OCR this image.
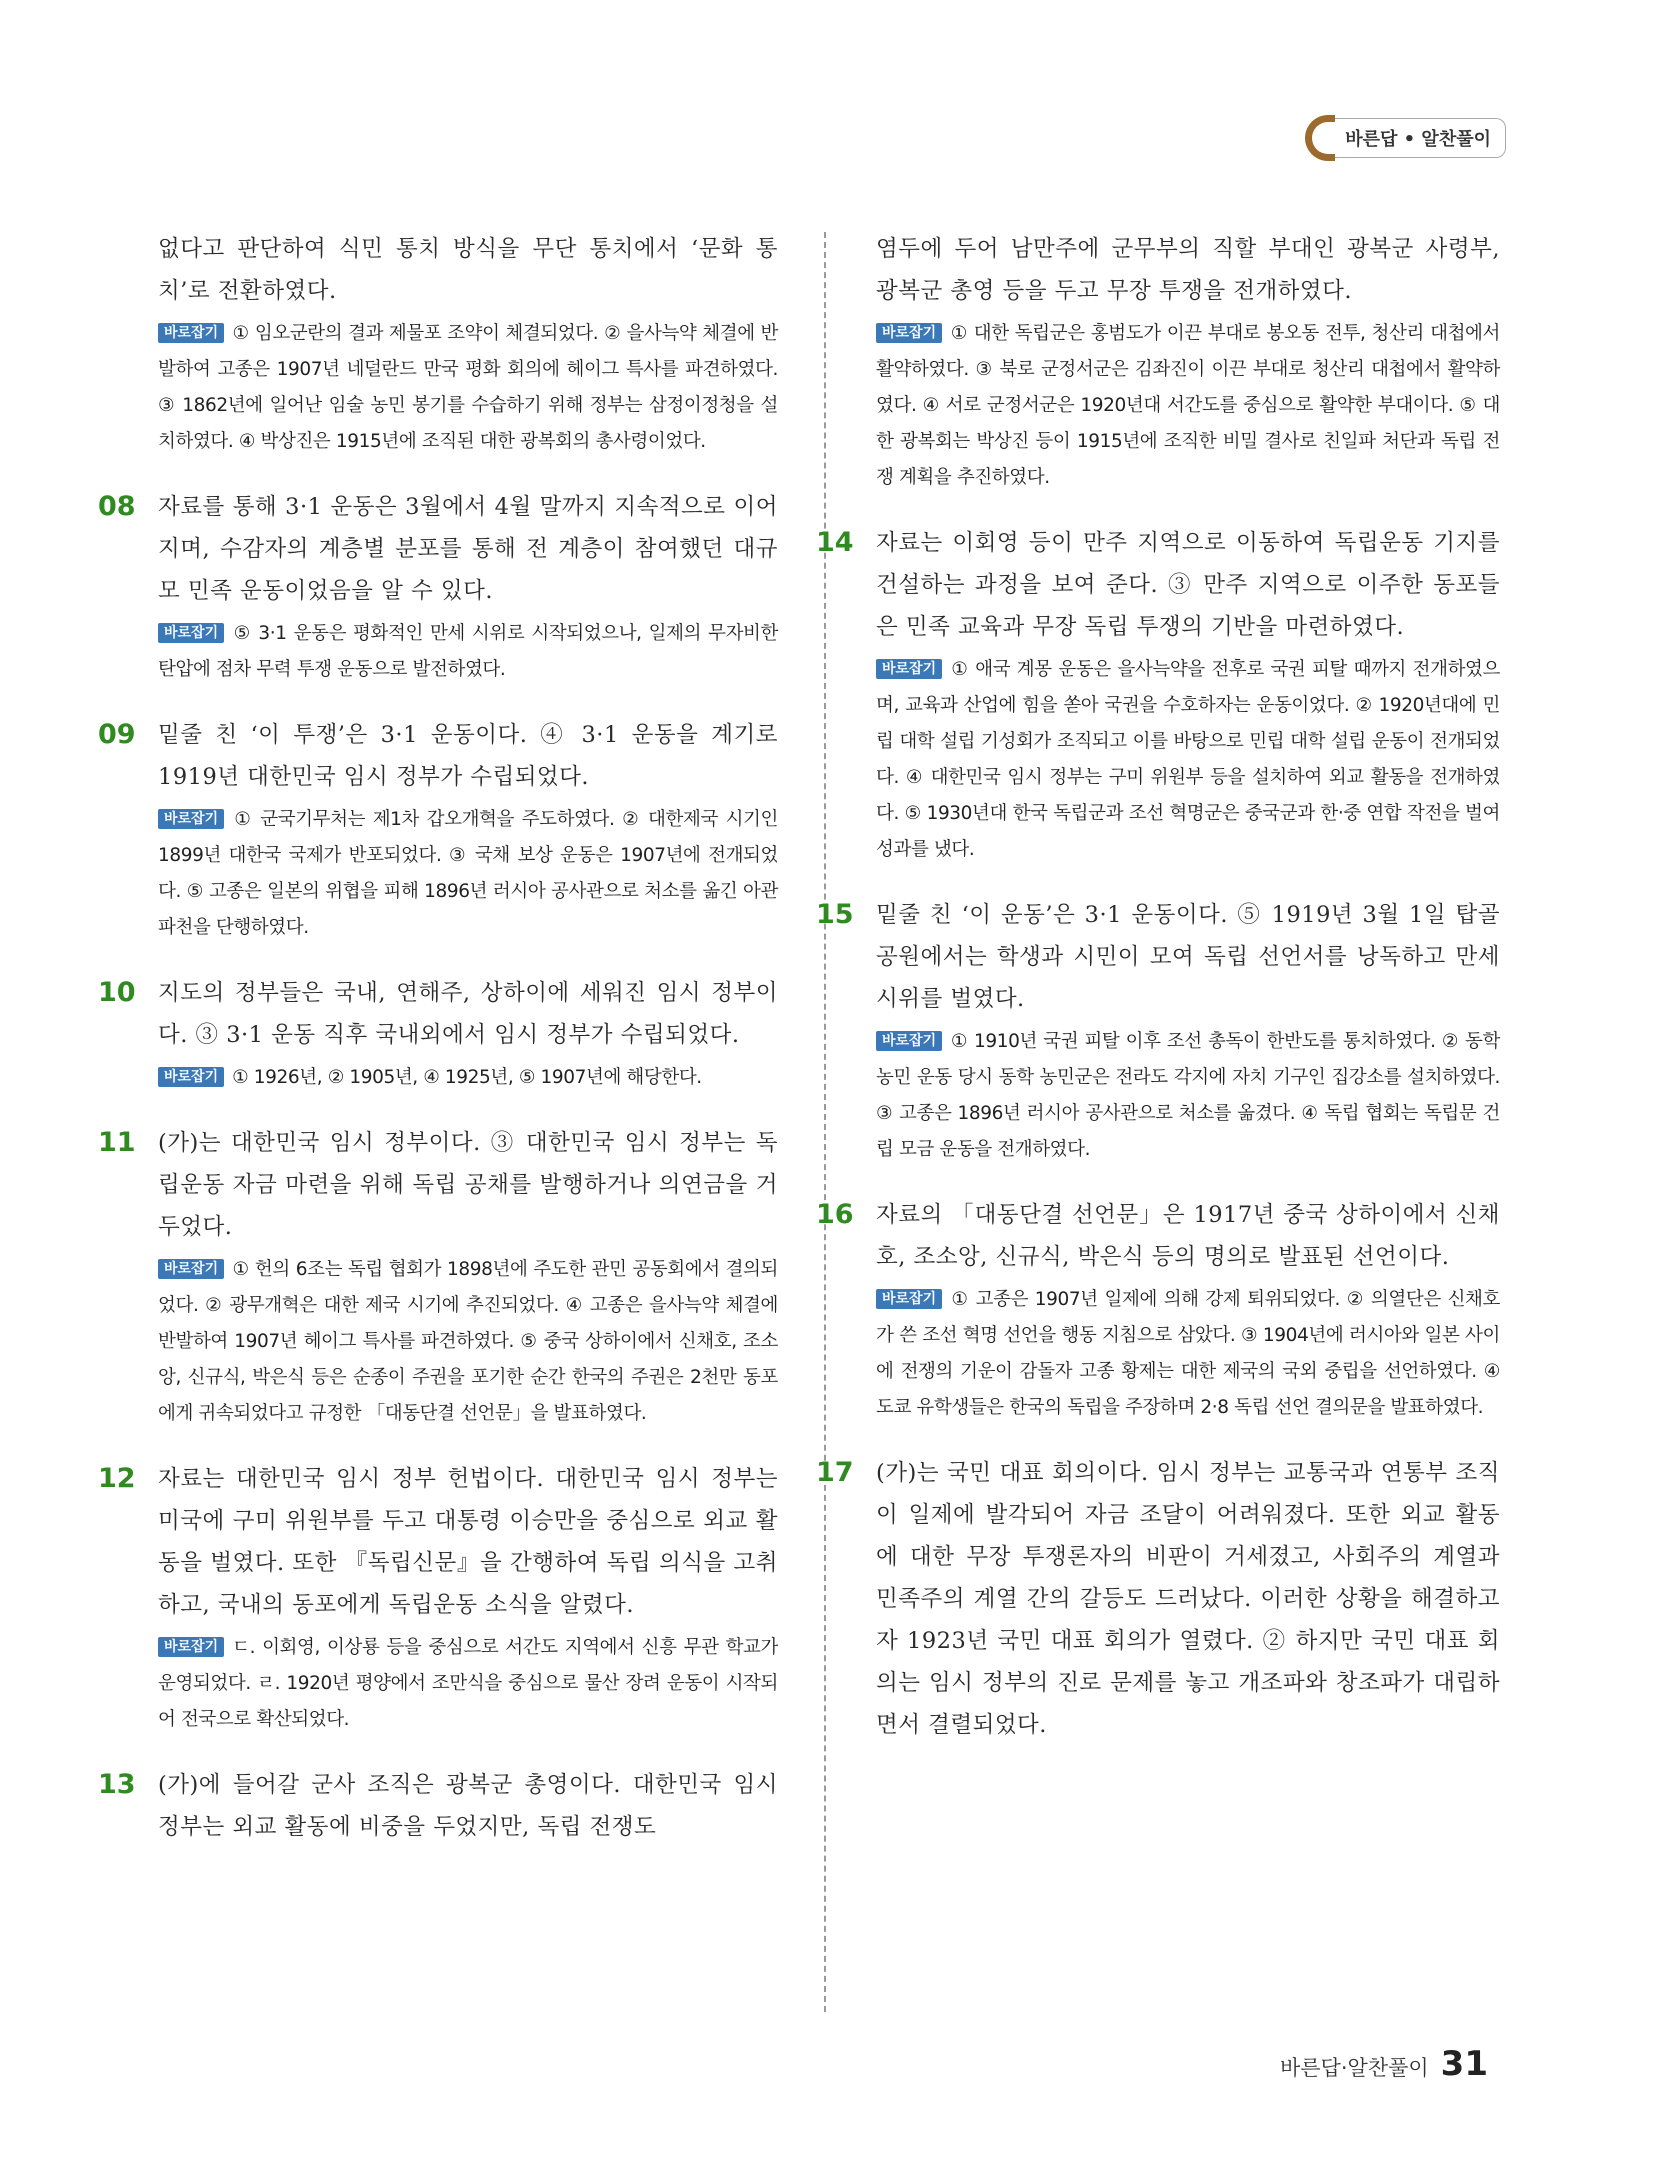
바른답 • 알찬풀이

없다고 판단하여 식민 통치 방식을 무단 통치에서 ‘문화 통치’로 전환하였다.

바로잡기 ① 임오군란의 결과 제물포 조약이 체결되었다. ② 을사늑약 체결에 반발하여 고종은 1907년 네덜란드 만국 평화 회의에 헤이그 특사를 파견하였다. ③ 1862년에 일어난 임술 농민 봉기를 수습하기 위해 정부는 삼정이정청을 설치하였다. ④ 박상진은 1915년에 조직된 대한 광복회의 총사령이었다.

08 자료를 통해 3·1 운동은 3월에서 4월 말까지 지속적으로 이어지며, 수감자의 계층별 분포를 통해 전 계층이 참여했던 대규모 민족 운동이었음을 알 수 있다.

바로잡기 ⑤ 3·1 운동은 평화적인 만세 시위로 시작되었으나, 일제의 무자비한 탄압에 점차 무력 투쟁 운동으로 발전하였다.

09 밑줄 친 ‘이 투쟁’은 3·1 운동이다. ④ 3·1 운동을 계기로 1919년 대한민국 임시 정부가 수립되었다.

바로잡기 ① 군국기무처는 제1차 갑오개혁을 주도하였다. ② 대한제국 시기인 1899년 대한국 국제가 반포되었다. ③ 국채 보상 운동은 1907년에 전개되었다. ⑤ 고종은 일본의 위협을 피해 1896년 러시아 공사관으로 처소를 옮긴 아관 파천을 단행하였다.

10 지도의 정부들은 국내, 연해주, 상하이에 세워진 임시 정부이다. ③ 3·1 운동 직후 국내외에서 임시 정부가 수립되었다.

바로잡기 ① 1926년, ② 1905년, ④ 1925년, ⑤ 1907년에 해당한다.

11 (가)는 대한민국 임시 정부이다. ③ 대한민국 임시 정부는 독립운동 자금 마련을 위해 독립 공채를 발행하거나 의연금을 거두었다.

바로잡기 ① 헌의 6조는 독립 협회가 1898년에 주도한 관민 공동회에서 결의되었다. ② 광무개혁은 대한 제국 시기에 추진되었다. ④ 고종은 을사늑약 체결에 반발하여 1907년 헤이그 특사를 파견하였다. ⑤ 중국 상하이에서 신채호, 조소앙, 신규식, 박은식 등은 순종이 주권을 포기한 순간 한국의 주권은 2천만 동포에게 귀속되었다고 규정한 「대동단결 선언문」을 발표하였다.

12 자료는 대한민국 임시 정부 헌법이다. 대한민국 임시 정부는 미국에 구미 위원부를 두고 대통령 이승만을 중심으로 외교 활동을 벌였다. 또한 『독립신문』을 간행하여 독립 의식을 고취하고, 국내의 동포에게 독립운동 소식을 알렸다.

바로잡기 ㄷ. 이회영, 이상룡 등을 중심으로 서간도 지역에서 신흥 무관 학교가 운영되었다. ㄹ. 1920년 평양에서 조만식을 중심으로 물산 장려 운동이 시작되어 전국으로 확산되었다.

13 (가)에 들어갈 군사 조직은 광복군 총영이다. 대한민국 임시 정부는 외교 활동에 비중을 두었지만, 독립 전쟁도

염두에 두어 남만주에 군무부의 직할 부대인 광복군 사령부, 광복군 총영 등을 두고 무장 투쟁을 전개하였다.

바로잡기 ① 대한 독립군은 홍범도가 이끈 부대로 봉오동 전투, 청산리 대첩에서 활약하였다. ③ 북로 군정서군은 김좌진이 이끈 부대로 청산리 대첩에서 활약하였다. ④ 서로 군정서군은 1920년대 서간도를 중심으로 활약한 부대이다. ⑤ 대한 광복회는 박상진 등이 1915년에 조직한 비밀 결사로 친일파 처단과 독립 전쟁 계획을 추진하였다.

14 자료는 이회영 등이 만주 지역으로 이동하여 독립운동 기지를 건설하는 과정을 보여 준다. ③ 만주 지역으로 이주한 동포들은 민족 교육과 무장 독립 투쟁의 기반을 마련하였다.

바로잡기 ① 애국 계몽 운동은 을사늑약을 전후로 국권 피탈 때까지 전개하였으며, 교육과 산업에 힘을 쏟아 국권을 수호하자는 운동이었다. ② 1920년대에 민립 대학 설립 기성회가 조직되고 이를 바탕으로 민립 대학 설립 운동이 전개되었다. ④ 대한민국 임시 정부는 구미 위원부 등을 설치하여 외교 활동을 전개하였다. ⑤ 1930년대 한국 독립군과 조선 혁명군은 중국군과 한·중 연합 작전을 벌여 성과를 냈다.

15 밑줄 친 ‘이 운동’은 3·1 운동이다. ⑤ 1919년 3월 1일 탑골 공원에서는 학생과 시민이 모여 독립 선언서를 낭독하고 만세 시위를 벌였다.

바로잡기 ① 1910년 국권 피탈 이후 조선 총독이 한반도를 통치하였다. ② 동학 농민 운동 당시 동학 농민군은 전라도 각지에 자치 기구인 집강소를 설치하였다. ③ 고종은 1896년 러시아 공사관으로 처소를 옮겼다. ④ 독립 협회는 독립문 건립 모금 운동을 전개하였다.

16 자료의 「대동단결 선언문」은 1917년 중국 상하이에서 신채호, 조소앙, 신규식, 박은식 등의 명의로 발표된 선언이다.

바로잡기 ① 고종은 1907년 일제에 의해 강제 퇴위되었다. ② 의열단은 신채호가 쓴 조선 혁명 선언을 행동 지침으로 삼았다. ③ 1904년에 러시아와 일본 사이에 전쟁의 기운이 감돌자 고종 황제는 대한 제국의 국외 중립을 선언하였다. ④ 도쿄 유학생들은 한국의 독립을 주장하며 2·8 독립 선언 결의문을 발표하였다.

17 (가)는 국민 대표 회의이다. 임시 정부는 교통국과 연통부 조직이 일제에 발각되어 자금 조달이 어려워졌다. 또한 외교 활동에 대한 무장 투쟁론자의 비판이 거세졌고, 사회주의 계열과 민족주의 계열 간의 갈등도 드러났다. 이러한 상황을 해결하고자 1923년 국민 대표 회의가 열렸다. ② 하지만 국민 대표 회의는 임시 정부의 진로 문제를 놓고 개조파와 창조파가 대립하면서 결렬되었다.

바른답·알찬풀이 31
